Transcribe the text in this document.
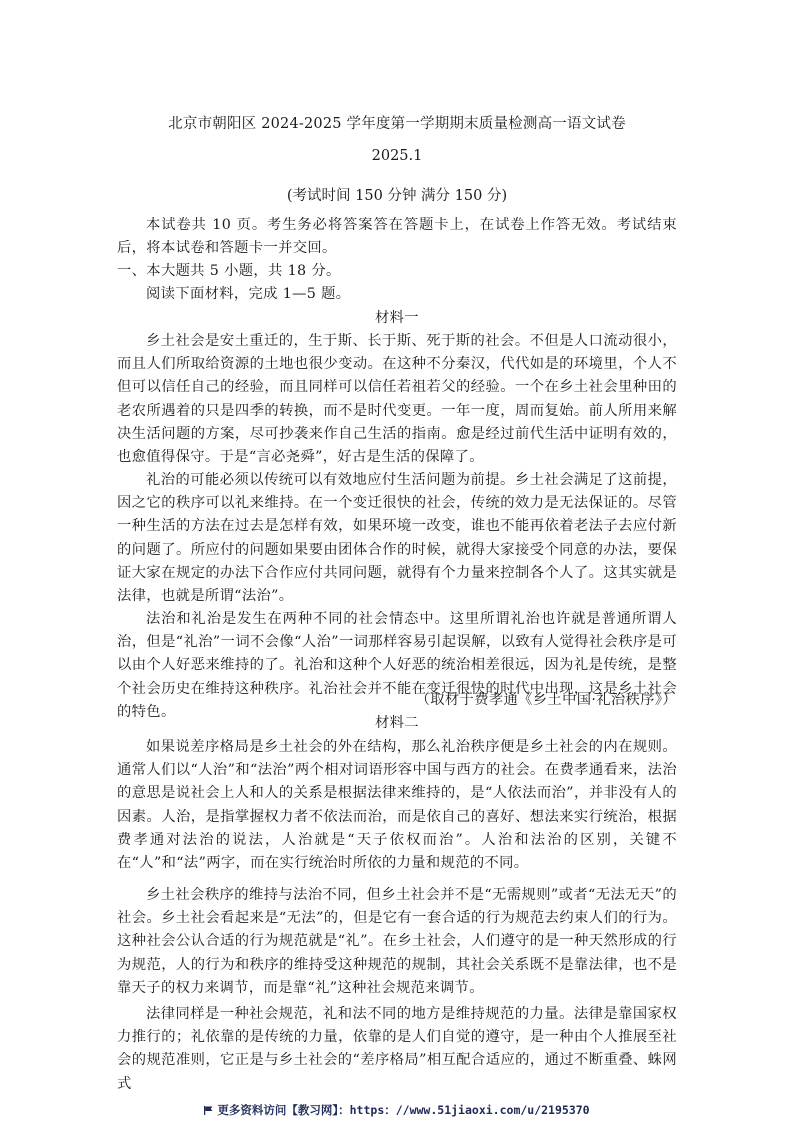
北京市朝阳区 2024-2025 学年度第一学期期末质量检测高一语文试卷
2025.1
(考试时间 150 分钟 满分 150 分)
本试卷共 10 页。考生务必将答案答在答题卡上，在试卷上作答无效。考试结束后，将本试卷和答题卡一并交回。
一、本大题共 5 小题，共 18 分。
阅读下面材料，完成 1—5 题。
材料一
乡土社会是安土重迁的，生于斯、长于斯、死于斯的社会。不但是人口流动很小，而且人们所取给资源的土地也很少变动。在这种不分秦汉，代代如是的环境里，个人不但可以信任自己的经验，而且同样可以信任若祖若父的经验。一个在乡土社会里种田的老农所遇着的只是四季的转换，而不是时代变更。一年一度，周而复始。前人所用来解决生活问题的方案，尽可抄袭来作自己生活的指南。愈是经过前代生活中证明有效的，也愈值得保守。于是“言必尧舜”，好古是生活的保障了。
礼治的可能必须以传统可以有效地应付生活问题为前提。乡土社会满足了这前提，因之它的秩序可以礼来维持。在一个变迁很快的社会，传统的效力是无法保证的。尽管一种生活的方法在过去是怎样有效，如果环境一改变，谁也不能再依着老法子去应付新的问题了。所应付的问题如果要由团体合作的时候，就得大家接受个同意的办法，要保证大家在规定的办法下合作应付共同问题，就得有个力量来控制各个人了。这其实就是法律，也就是所谓“法治”。
法治和礼治是发生在两种不同的社会情态中。这里所谓礼治也许就是普通所谓人治，但是“礼治”一词不会像“人治”一词那样容易引起误解，以致有人觉得社会秩序是可以由个人好恶来维持的了。礼治和这种个人好恶的统治相差很远，因为礼是传统，是整个社会历史在维持这种秩序。礼治社会并不能在变迁很快的时代中出现，这是乡土社会的特色。
（取材于费孝通《乡土中国·礼治秩序》）
材料二
如果说差序格局是乡土社会的外在结构，那么礼治秩序便是乡土社会的内在规则。通常人们以“人治”和“法治”两个相对词语形容中国与西方的社会。在费孝通看来，法治的意思是说社会上人和人的关系是根据法律来维持的，是“人依法而治”，并非没有人的因素。人治，是指掌握权力者不依法而治，而是依自己的喜好、想法来实行统治，根据费孝通对法治的说法，人治就是“天子依权而治”。人治和法治的区别，关键不在“人”和“法”两字，而在实行统治时所依的力量和规范的不同。
乡土社会秩序的维持与法治不同，但乡土社会并不是“无需规则”或者“无法无天”的社会。乡土社会看起来是“无法”的，但是它有一套合适的行为规范去约束人们的行为。这种社会公认合适的行为规范就是“礼”。在乡土社会，人们遵守的是一种天然形成的行为规范，人的行为和秩序的维持受这种规范的规制，其社会关系既不是靠法律，也不是靠天子的权力来调节，而是靠“礼”这种社会规范来调节。
法律同样是一种社会规范，礼和法不同的地方是维持规范的力量。法律是靠国家权力推行的；礼依靠的是传统的力量，依靠的是人们自觉的遵守，是一种由个人推展至社会的规范准则，它正是与乡土社会的“差序格局”相互配合适应的，通过不断重叠、蛛网式
更多资料访问【教习网】：https：//www.51jiaoxi.com/u/2195370
